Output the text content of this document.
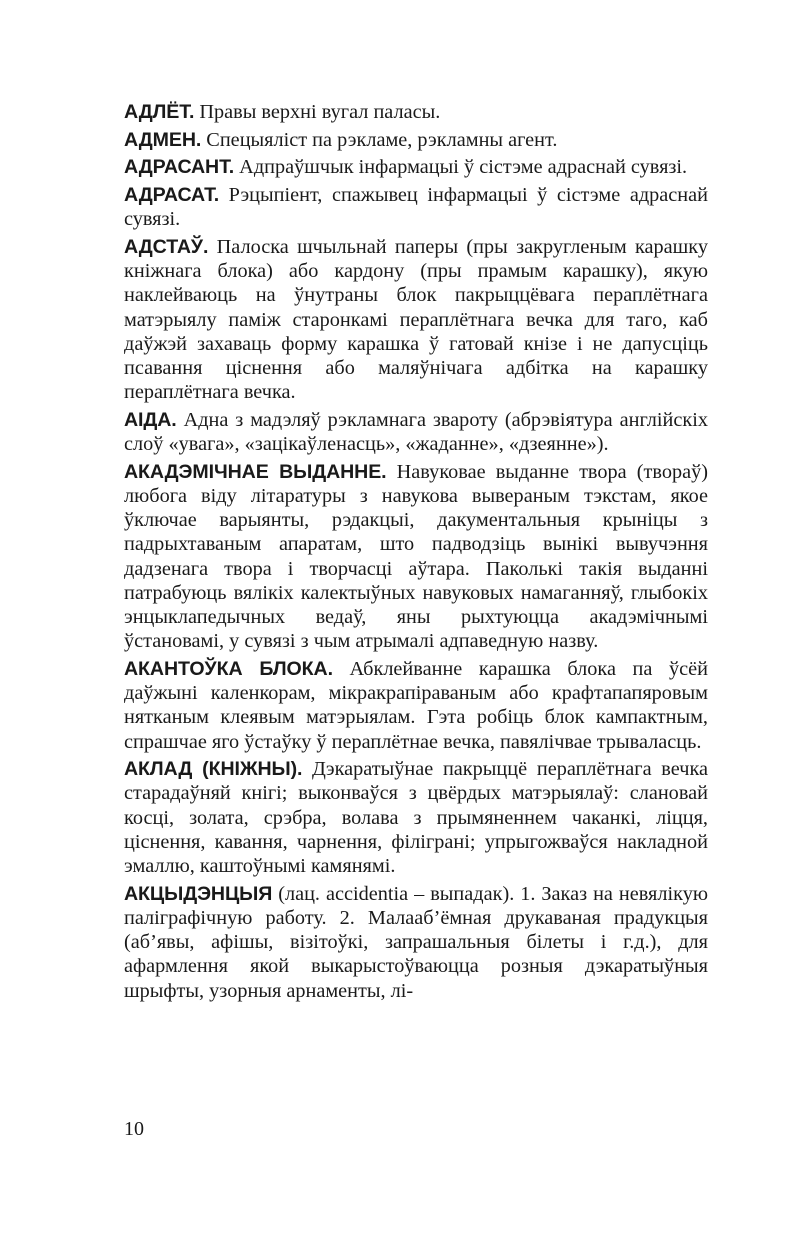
АДЛЁТ. Правы верхні вугал паласы.

АДМЕН. Спецыяліст па рэкламе, рэкламны агент.

АДРАСАНТ. Адпраўшчык інфармацыі ў сістэме адраснай сувязі.

АДРАСАТ. Рэцыпіент, спажывец інфармацыі ў сістэме адраснай сувязі.

АДСТАЎ. Палоска шчыльнай паперы (пры закругленым карашку кніжнага блока) або кардону (пры прамым карашку), якую наклейваюць на ўнутраны блок пакрыццёвага пераплётнага матэрыялу паміж старонкамі пераплётнага вечка для таго, каб даўжэй захаваць форму карашка ў гатовай кнізе і не дапусціць псавання ціснення або маляўнічага адбітка на карашку пераплётнага вечка.

АІДА. Адна з мадэляў рэкламнага звароту (абрэвіятура англійскіх слоў «увага», «зацікаўленасць», «жаданне», «дзеянне»).

АКАДЭМІЧНАЕ ВЫДАННЕ. Навуковае выданне твора (твораў) любога віду літаратуры з навукова выверaным тэкстам, якое ўключае варыянты, рэдакцыі, дакументальныя крыніцы з падрыхтаваным апаратам, што падводзіць вынікі вывучэння дадзенага твора і творчасці аўтара. Паколькі такія выданні патрабуюць вялікіх калектыўных навуковых намаганняў, глыбокіх энцыклапедычных ведаў, яны рыхтуюцца акадэмічнымі ўстановамі, у сувязі з чым атрымалі адпаведную назву.

АКАНТОЎКА БЛОКА. Абклейванне карашка блока па ўсёй даўжыні каленкорам, мікракрапіраваным або крафтапапяровым нятканым клеявым матэрыялам. Гэта робіць блок кампактным, спрашчае яго ўстаўку ў пераплётнае вечка, павялічвае трываласць.

АКЛАД (КНІЖНЫ). Дэкаратыўнае пакрыццё пераплётнага вечка старадаўняй кнігі; выконваўся з цвёрдых матэрыялаў: слановай косці, золата, срэбра, волава з прымяненнем чаканкі, ліцця, ціснення, кавання, чарнення, філіграні; упрыгожваўся накладной эмаллю, каштоўнымі камянямі.

АКЦЫДЭНЦЫЯ (лац. accidentia – выпадак). 1. Заказ на невялікую паліграфічную работу. 2. Малааб’ёмная друкаваная прадукцыя (аб’явы, афішы, візітоўкі, запрашальныя білеты і г.д.), для афармлення якой выкарыстоўваюцца розныя дэкаратыўныя шрыфты, узорныя арнаменты, лі-

10
